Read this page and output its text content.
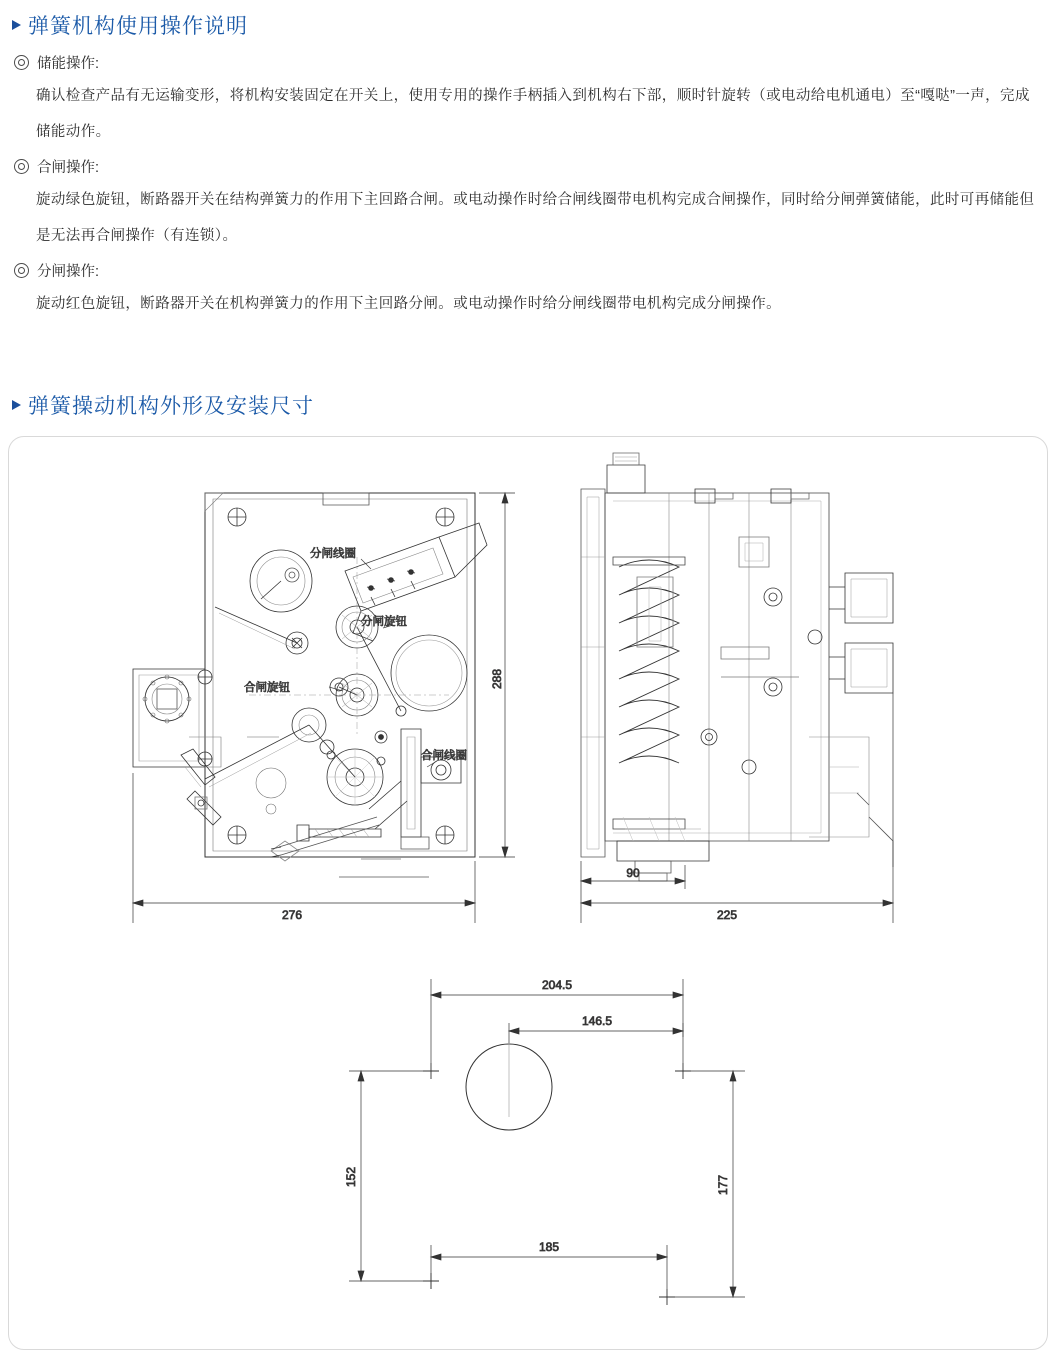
弹簧机构使用操作说明
储能操作:
确认检查产品有无运输变形，将机构安装固定在开关上，使用专用的操作手柄插入到机构右下部，顺时针旋转（或电动给电机通电）至“嘎哒”一声，完成储能动作。
合闸操作:
旋动绿色旋钮，断路器开关在结构弹簧力的作用下主回路合闸。或电动操作时给合闸线圈带电机构完成合闸操作，同时给分闸弹簧储能，此时可再储能但是无法再合闸操作（有连锁）。
分闸操作:
旋动红色旋钮，断路器开关在机构弹簧力的作用下主回路分闸。或电动操作时给分闸线圈带电机构完成分闸操作。
弹簧操动机构外形及安装尺寸
分闸线圈
分闸旋钮
合闸旋钮
合闸线圈
276
288
90
225
204.5
146.5
152	177
185
